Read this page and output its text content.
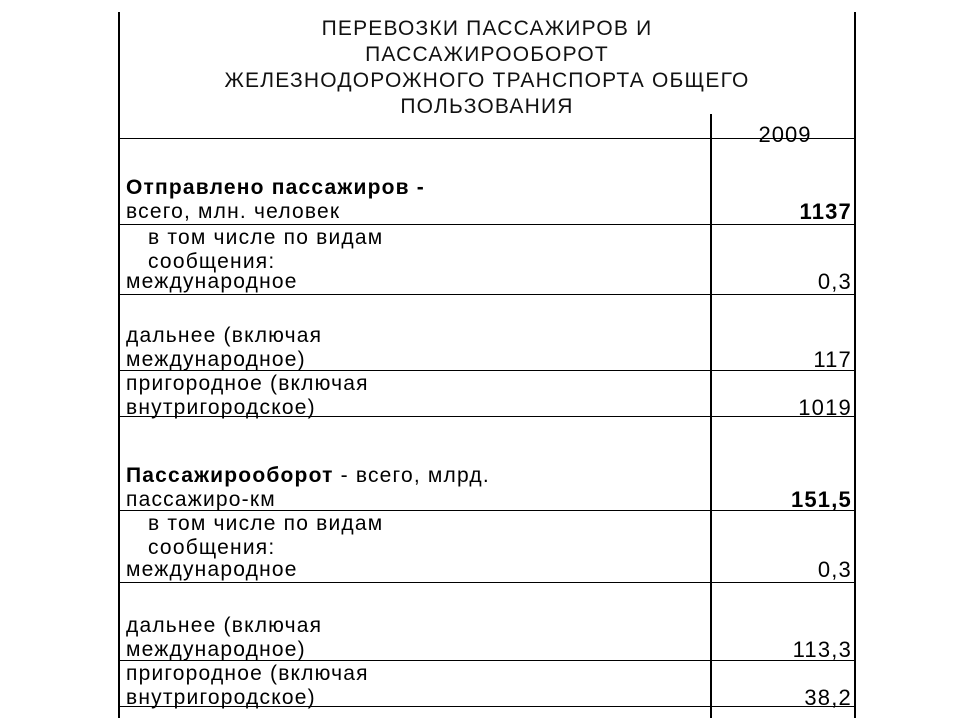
ПЕРЕВОЗКИ ПАССАЖИРОВ И
ПАССАЖИРООБОРОТ
ЖЕЛЕЗНОДОРОЖНОГО ТРАНСПОРТА ОБЩЕГО
ПОЛЬЗОВАНИЯ
2009
Отправлено пассажиров -
всего, млн. человек	1137
в том числе по видам
сообщения:
международное	0,3
дальнее (включая
международное)	117
пригородное (включая
внутригородское)	1019
Пассажирооборот - всего, млрд.
пассажиро-км	151,5
в том числе по видам
сообщения:
международное	0,3
дальнее (включая
международное)	113,3
пригородное (включая
внутригородское)	38,2
